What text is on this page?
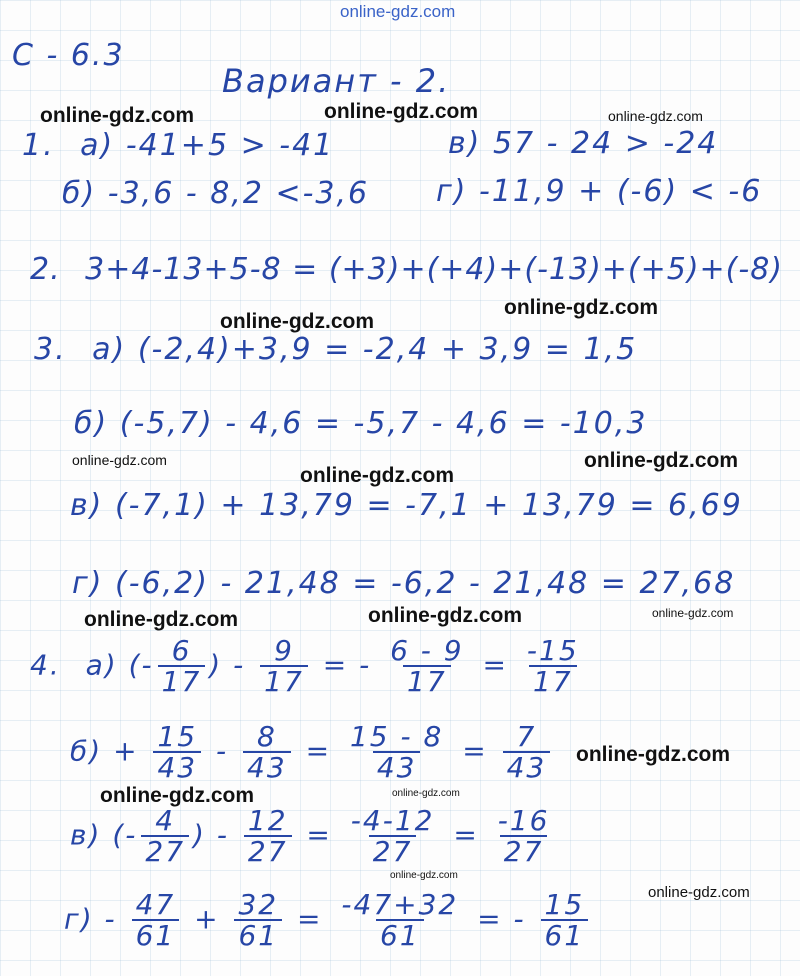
C - 6.3
Вариант - 2.
1. а) -41+5 > -41	в) 57 - 24 > -24
б) -3,6 - 8,2 <-3,6 г) -11,9 + (-6) < -6
2. 3+4-13+5-8 = (+3)+(+4)+(-13)+(+5)+(-8)
3. а) (-2,4)+3,9 = -2,4 + 3,9 = 1,5
б) (-5,7) - 4,6 = -5,7 - 4,6 = -10,3
в) (-7,1) + 13,79 = -7,1 + 13,79 = 6,69
г) (-6,2) - 21,48 = -6,2 - 21,48 = 27,68
4. а) (- $\frac{6}{17}$ ) - $\frac{9}{17}$ = - $\frac{6 - 9}{17} = \frac{-15}{17}$
$б) + \frac{15}{43} - \frac{8}{43} = \frac{15 - 8}{43} = \frac{7}{43}$
в) (- $\frac{4}{27}$ ) - $\frac{12}{27} = \frac{-4-12}{27} = \frac{-16}{27}$
$г) - \frac{47}{61} + \frac{32}{61} = \frac{-47+32}{61}$ = - $\frac{15}{61}$
online-gdz.com
online-gdz.com	online-gdz.com	online-gdz.com
online-gdz.com
online-gdz.com
online-gdz.com	online-gdz.com
online-gdz.com
online-gdz.com	online-gdz.com	online-gdz.com
online-gdz.com
online-gdz.com	online-gdz.com
online-gdz.com
online-gdz.com
